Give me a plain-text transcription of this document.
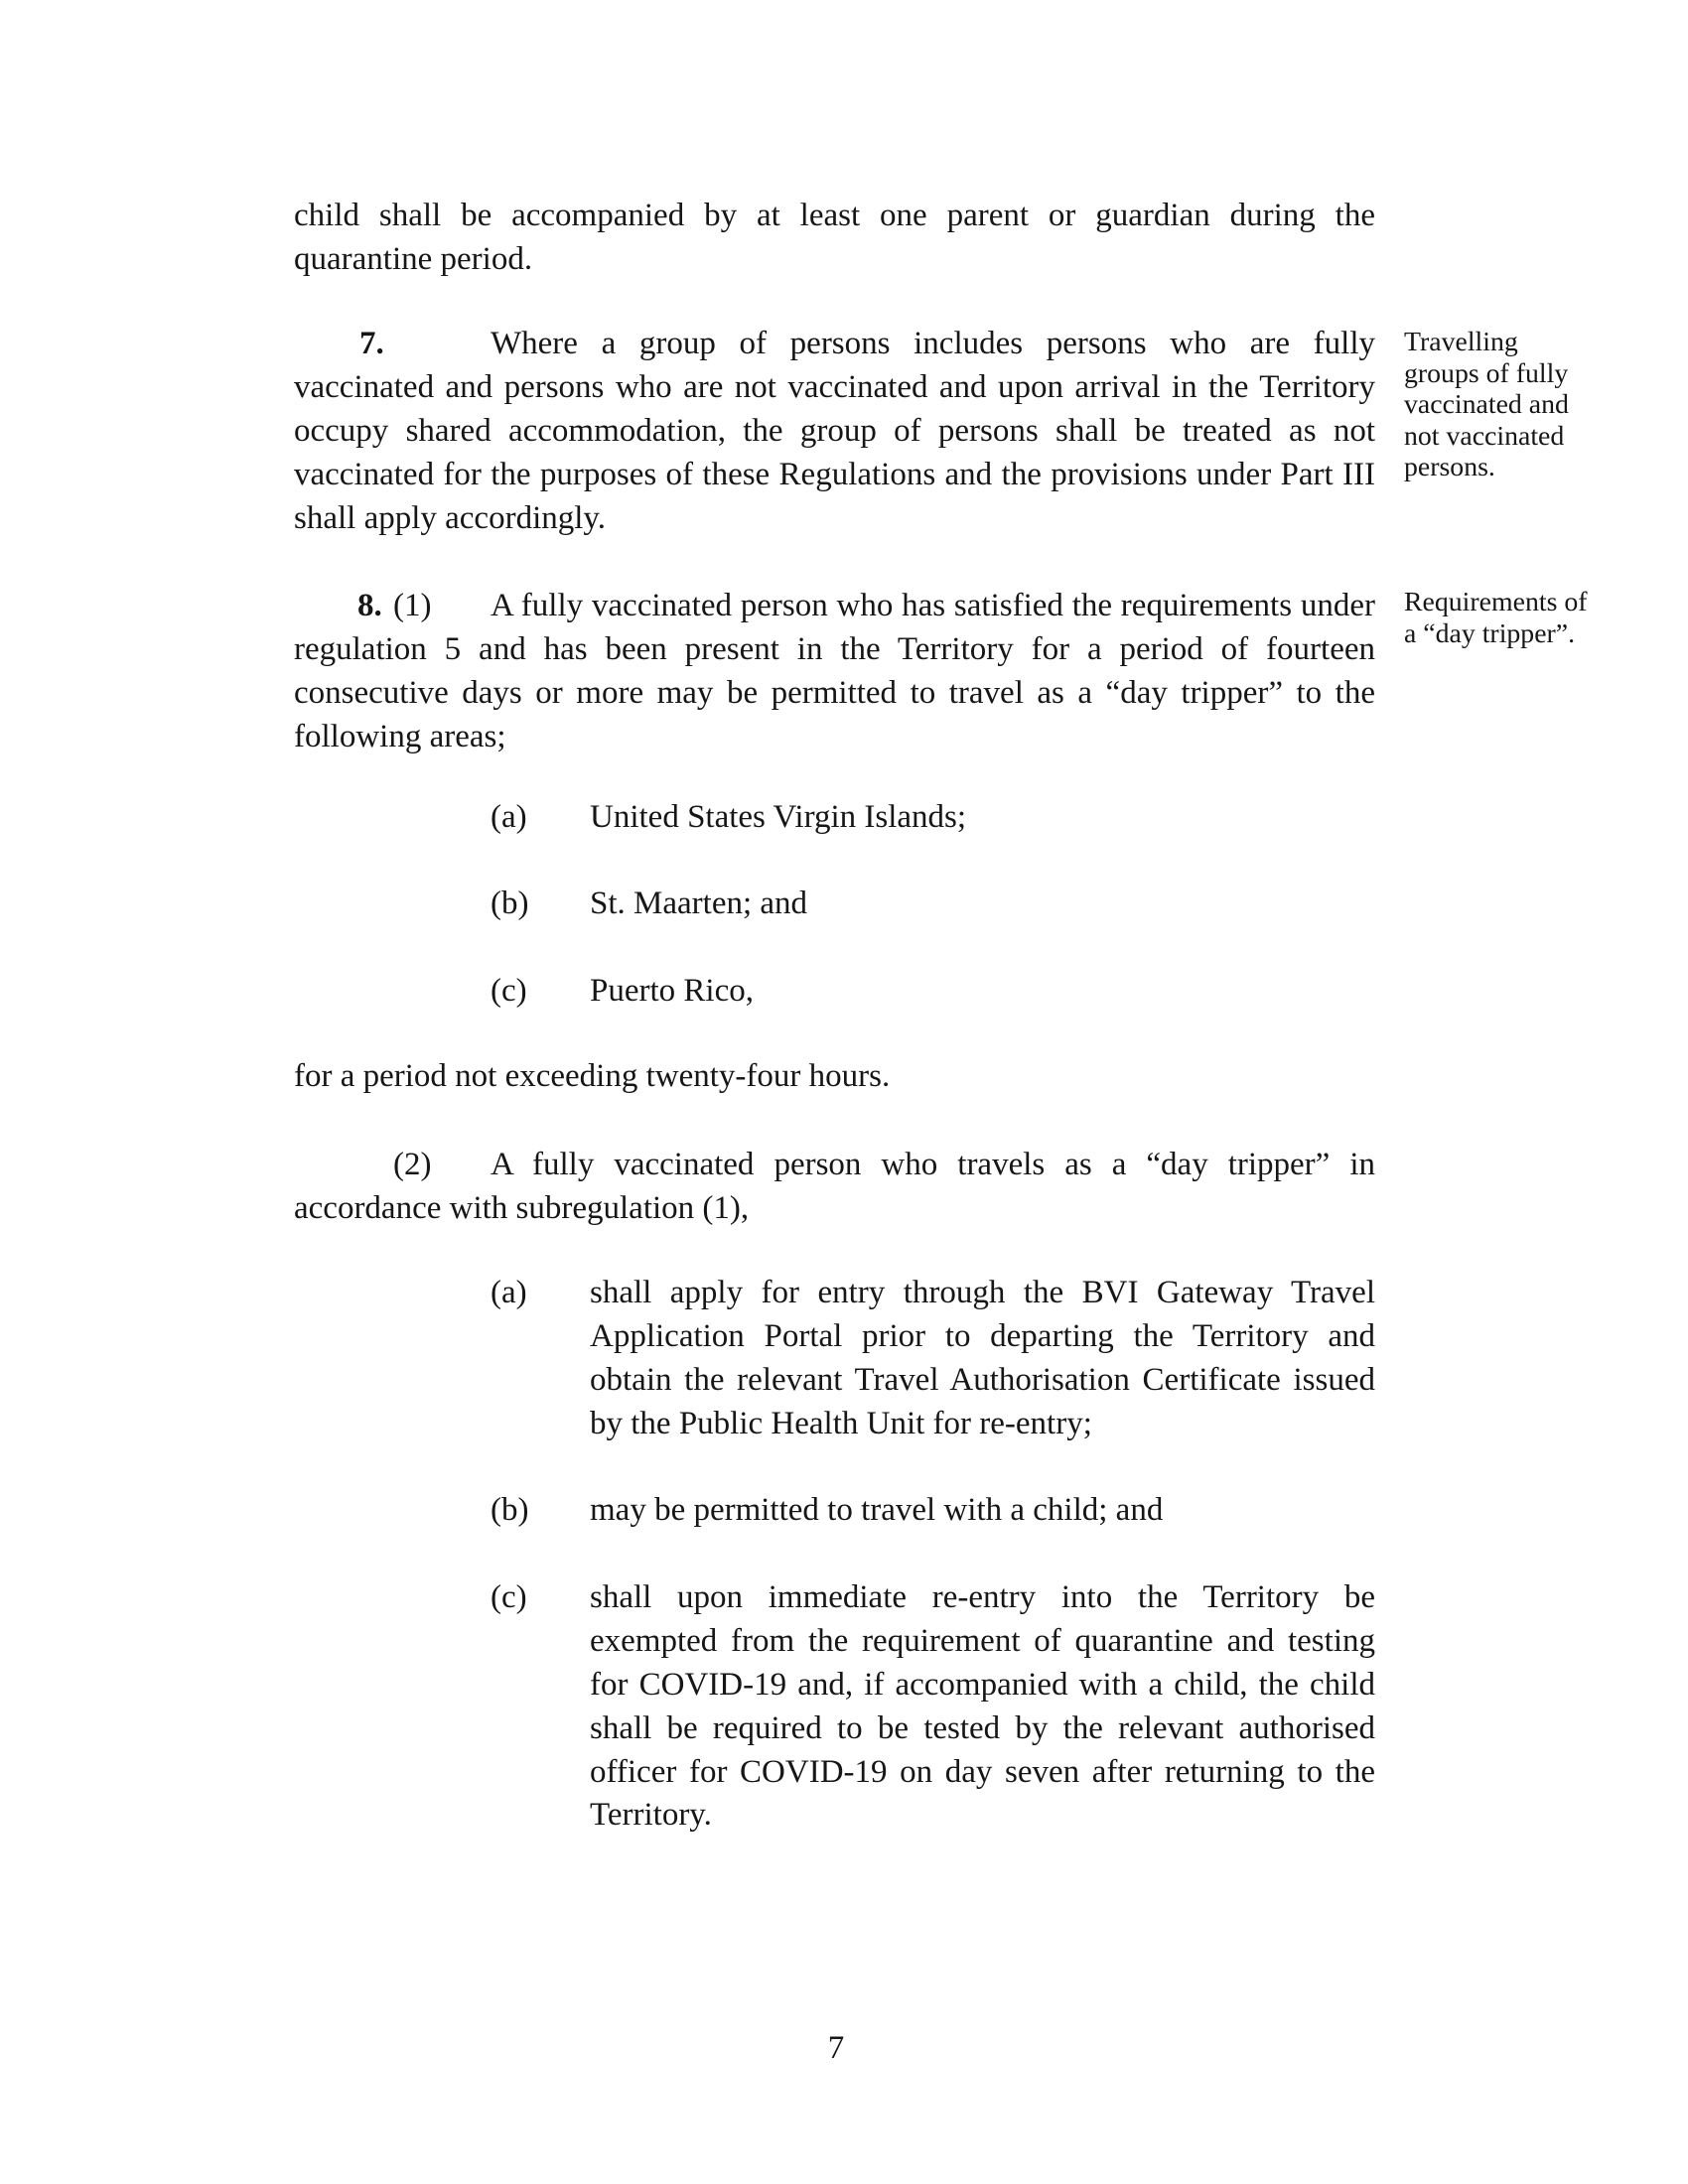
child shall be accompanied by at least one parent or guardian during the
quarantine period.
7.	Where a group of persons includes persons who are fully
vaccinated and persons who are not vaccinated and upon arrival in the Territory
occupy shared accommodation, the group of persons shall be treated as not
vaccinated for the purposes of these Regulations and the provisions under Part III
shall apply accordingly.
Travelling
groups of fully
vaccinated and
not vaccinated
persons.
8. (1) A fully vaccinated person who has satisfied the requirements under
regulation 5 and has been present in the Territory for a period of fourteen
consecutive days or more may be permitted to travel as a “day tripper” to the
following areas;
Requirements of
a “day tripper”.
(a) United States Virgin Islands;
(b) St. Maarten; and
(c) Puerto Rico,
for a period not exceeding twenty-four hours.
(2) A fully vaccinated person who travels as a “day tripper” in
accordance with subregulation (1),
(a) shall apply for entry through the BVI Gateway Travel
Application Portal prior to departing the Territory and
obtain the relevant Travel Authorisation Certificate issued
by the Public Health Unit for re-entry;
(b) may be permitted to travel with a child; and
(c) shall upon immediate re-entry into the Territory be
exempted from the requirement of quarantine and testing
for COVID-19 and, if accompanied with a child, the child
shall be required to be tested by the relevant authorised
officer for COVID-19 on day seven after returning to the
Territory.
7
